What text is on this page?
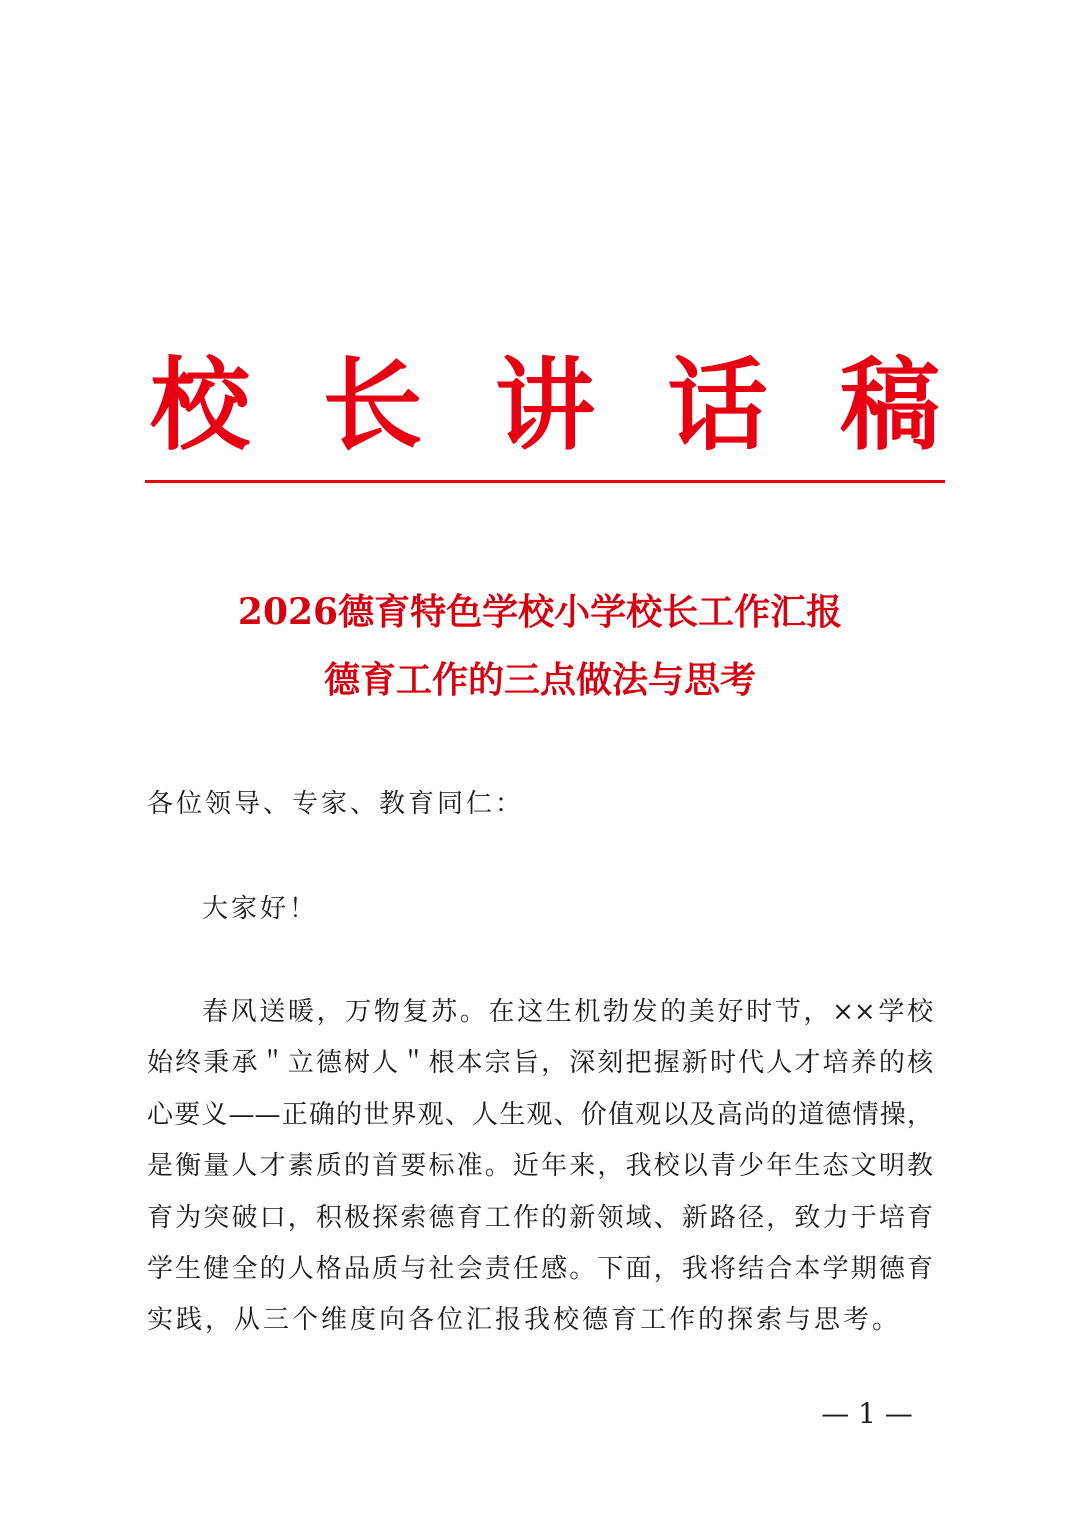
校 长 讲 话 稿
2026德育特色学校小学校长工作汇报
德育工作的三点做法与思考
各位领导、专家、教育同仁：
大家好！
春风送暖，万物复苏。在这生机勃发的美好时节，××学校
始终秉承＂立德树人＂根本宗旨，深刻把握新时代人才培养的核
心要义——正确的世界观、人生观、价值观以及高尚的道德情操，
是衡量人才素质的首要标准。近年来，我校以青少年生态文明教
育为突破口，积极探索德育工作的新领域、新路径，致力于培育
学生健全的人格品质与社会责任感。下面，我将结合本学期德育
实践，从三个维度向各位汇报我校德育工作的探索与思考。
— 1 —
